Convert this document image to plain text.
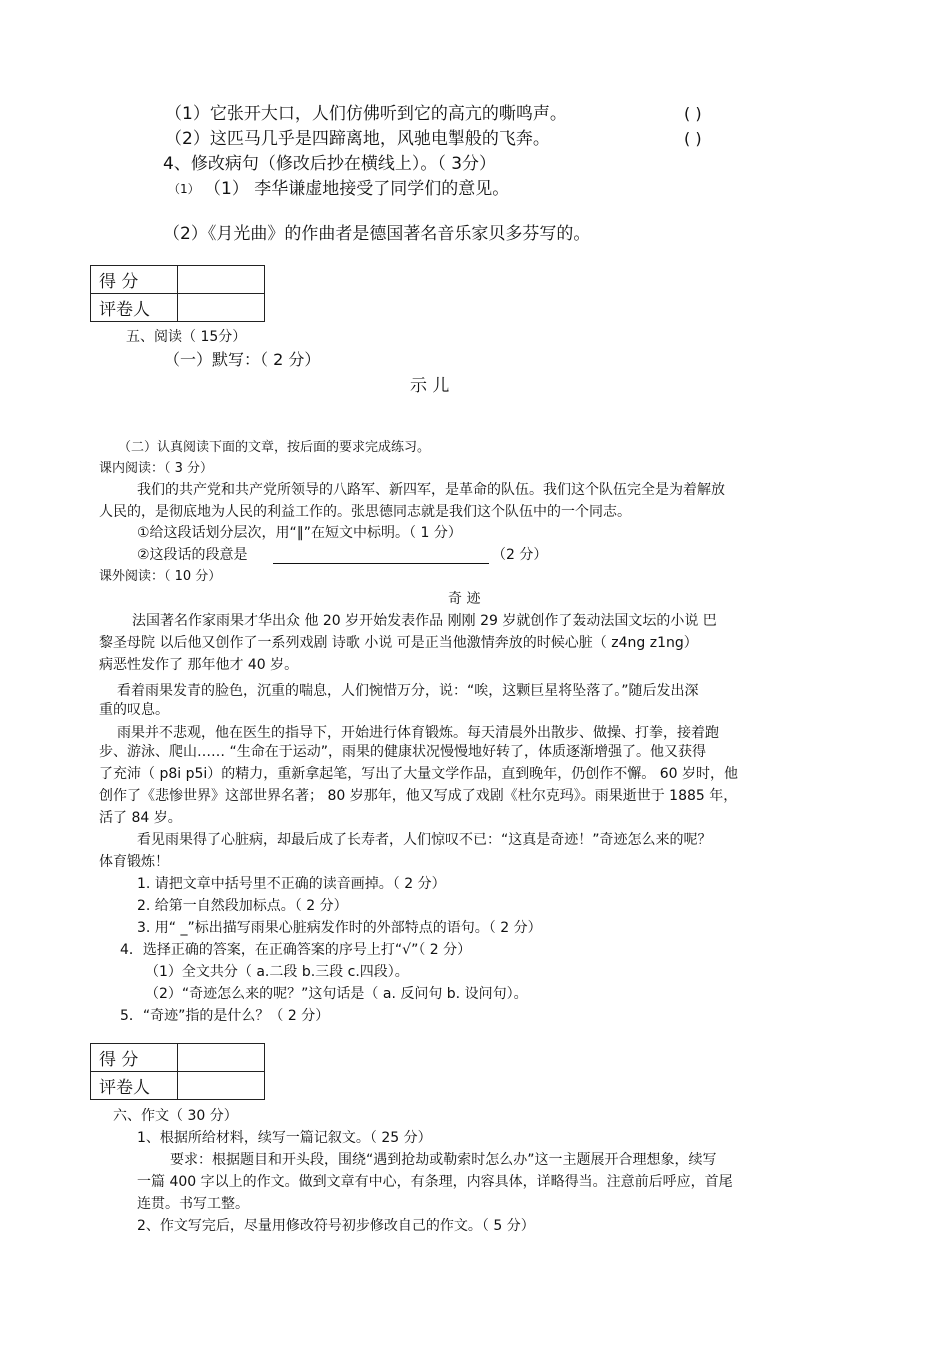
（1）它张开大口，人们仿佛听到它的高亢的嘶鸣声。	( )
（2）这匹马几乎是四蹄离地，风驰电掣般的飞奔。	( )
4、修改病句（修改后抄在横线上）。（ 3分）
（1） （1） 李华谦虚地接受了同学们的意见。
（2）《月光曲》的作曲者是德国著名音乐家贝多芬写的。
得 分	
评卷人	
五、阅读（ 15分）
（一）默写：（ 2 分）
示 儿
（二）认真阅读下面的文章，按后面的要求完成练习。
课内阅读：（ 3 分）
我们的共产党和共产党所领导的八路军、新四军，是革命的队伍。我们这个队伍完全是为着解放
人民的，是彻底地为人民的利益工作的。张思德同志就是我们这个队伍中的一个同志。
①给这段话划分层次，用“‖”在短文中标明。（ 1 分）
②这段话的段意是	（2 分）
课外阅读：（ 10 分）
奇 迹
法国著名作家雨果才华出众 他 20 岁开始发表作品 刚刚 29 岁就创作了轰动法国文坛的小说 巴
黎圣母院 以后他又创作了一系列戏剧 诗歌 小说 可是正当他激情奔放的时候心脏（ z4ng z1ng）
病恶性发作了 那年他才 40 岁。
看着雨果发青的脸色，沉重的喘息，人们惋惜万分，说：“唉，这颗巨星将坠落了。”随后发出深
重的叹息。
雨果并不悲观，他在医生的指导下，开始进行体育锻炼。每天清晨外出散步、做操、打拳，接着跑
步、游泳、爬山…… “生命在于运动”，雨果的健康状况慢慢地好转了，体质逐渐增强了。他又获得
了充沛（ p8i p5i）的精力，重新拿起笔，写出了大量文学作品，直到晚年，仍创作不懈。 60 岁时，他
创作了《悲惨世界》这部世界名著； 80 岁那年，他又写成了戏剧《杜尔克玛》。雨果逝世于 1885 年，
活了 84 岁。
看见雨果得了心脏病，却最后成了长寿者，人们惊叹不已：“这真是奇迹！”奇迹怎么来的呢？
体育锻炼！
1. 请把文章中括号里不正确的读音画掉。（ 2 分）
2. 给第一自然段加标点。（ 2 分）
3. 用“ _”标出描写雨果心脏病发作时的外部特点的语句。（ 2 分）
4．选择正确的答案，在正确答案的序号上打“√”（ 2 分）
（1）全文共分（ a.二段 b.三段 c.四段）。
（2）“奇迹怎么来的呢？”这句话是（ a. 反问句 b. 设问句）。
5．“奇迹”指的是什么？（ 2 分）
得 分	
评卷人	
六、作文（ 30 分）
1、根据所给材料，续写一篇记叙文。（ 25 分）
要求：根据题目和开头段，围绕“遇到抢劫或勒索时怎么办”这一主题展开合理想象，续写
一篇 400 字以上的作文。做到文章有中心，有条理，内容具体，详略得当。注意前后呼应，首尾
连贯。书写工整。
2、作文写完后，尽量用修改符号初步修改自己的作文。（ 5 分）
